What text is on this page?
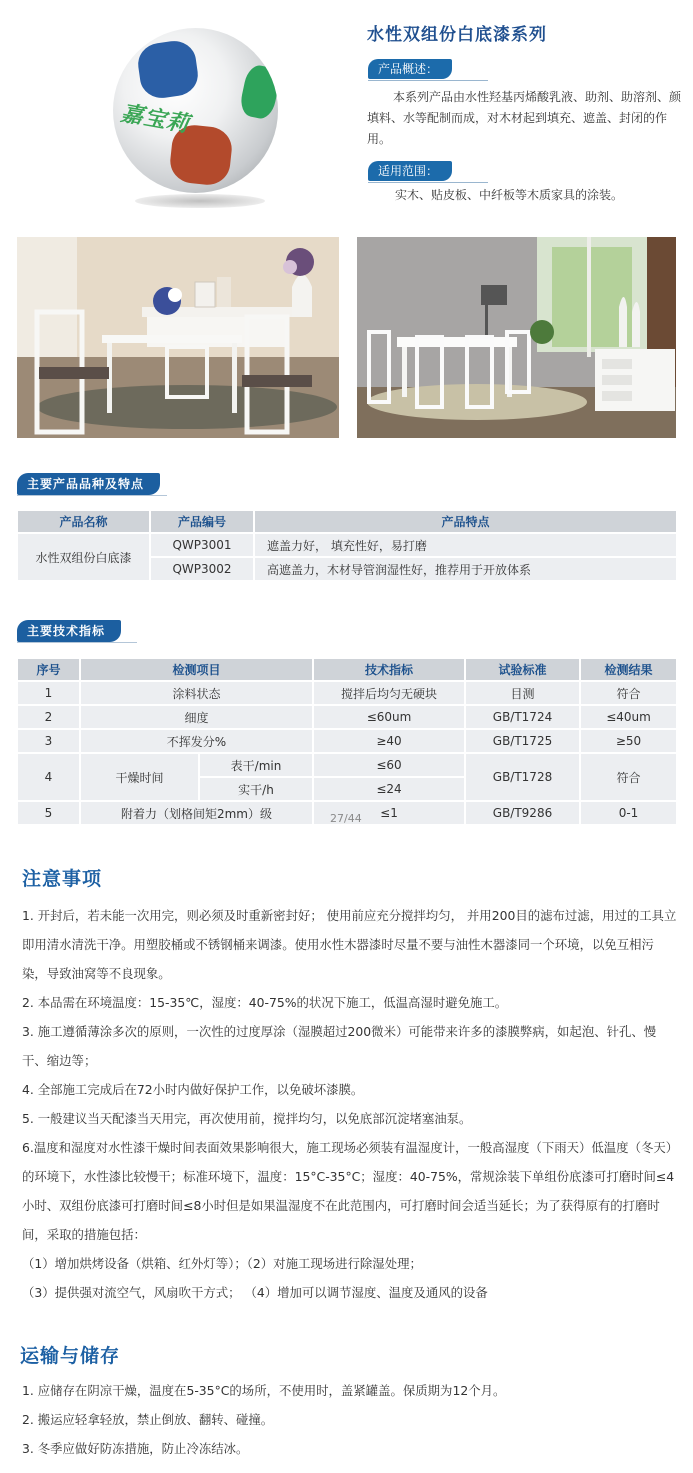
嘉宝莉
水性双组份白底漆系列
产品概述：
本系列产品由水性羟基丙烯酸乳液、助剂、助溶剂、颜填料、水等配制而成，对木材起到填充、遮盖、封闭的作用。
适用范围：
实木、贴皮板、中纤板等木质家具的涂装。
主要产品品种及特点
产品名称	产品编号	产品特点
水性双组份白底漆	QWP3001	遮盖力好， 填充性好，易打磨
	QWP3002	高遮盖力，木材导管润湿性好，推荐用于开放体系
主要技术指标
序号	检测项目		技术指标	试验标准	检测结果
1	涂料状态		搅拌后均匀无硬块	目测	符合
2	细度		≤60um	GB/T1724	≤40um
3	不挥发分%		≥40	GB/T1725	≥50
4	干燥时间	表干/min	≤60	GB/T1728	符合
		实干/h	≤24		
5	附着力（划格间矩2mm）级		≤1	GB/T9286	0-1
27/44
注意事项
1. 开封后，若未能一次用完，则必须及时重新密封好； 使用前应充分搅拌均匀， 并用200目的滤布过滤，用过的工具立即用清水清洗干净。用塑胶桶或不锈钢桶来调漆。使用水性木器漆时尽量不要与油性木器漆同一个环境，以免互相污染，导致油窝等不良现象。
2. 本品需在环境温度：15-35℃，湿度：40-75%的状况下施工，低温高湿时避免施工。
3. 施工遵循薄涂多次的原则，一次性的过度厚涂（湿膜超过200微米）可能带来许多的漆膜弊病，如起泡、针孔、慢干、缩边等；
4. 全部施工完成后在72小时内做好保护工作，以免破坏漆膜。
5. 一般建议当天配漆当天用完，再次使用前，搅拌均匀，以免底部沉淀堵塞油泵。
6.温度和湿度对水性漆干燥时间表面效果影响很大，施工现场必须装有温湿度计，一般高湿度（下雨天）低温度（冬天）的环境下，水性漆比较慢干；标准环境下，温度：15°C-35°C；湿度：40-75%，常规涂装下单组份底漆可打磨时间≤4小时、双组份底漆可打磨时间≤8小时但是如果温湿度不在此范围内，可打磨时间会适当延长；为了获得原有的打磨时间，采取的措施包括：
（1）增加烘烤设备（烘箱、红外灯等）；（2）对施工现场进行除湿处理；
（3）提供强对流空气，风扇吹干方式； （4）增加可以调节湿度、温度及通风的设备
运输与储存
1. 应储存在阴凉干燥，温度在5-35°C的场所，不使用时，盖紧罐盖。保质期为12个月。
2. 搬运应轻拿轻放，禁止倒放、翻转、碰撞。
3. 冬季应做好防冻措施，防止冷冻结冰。
